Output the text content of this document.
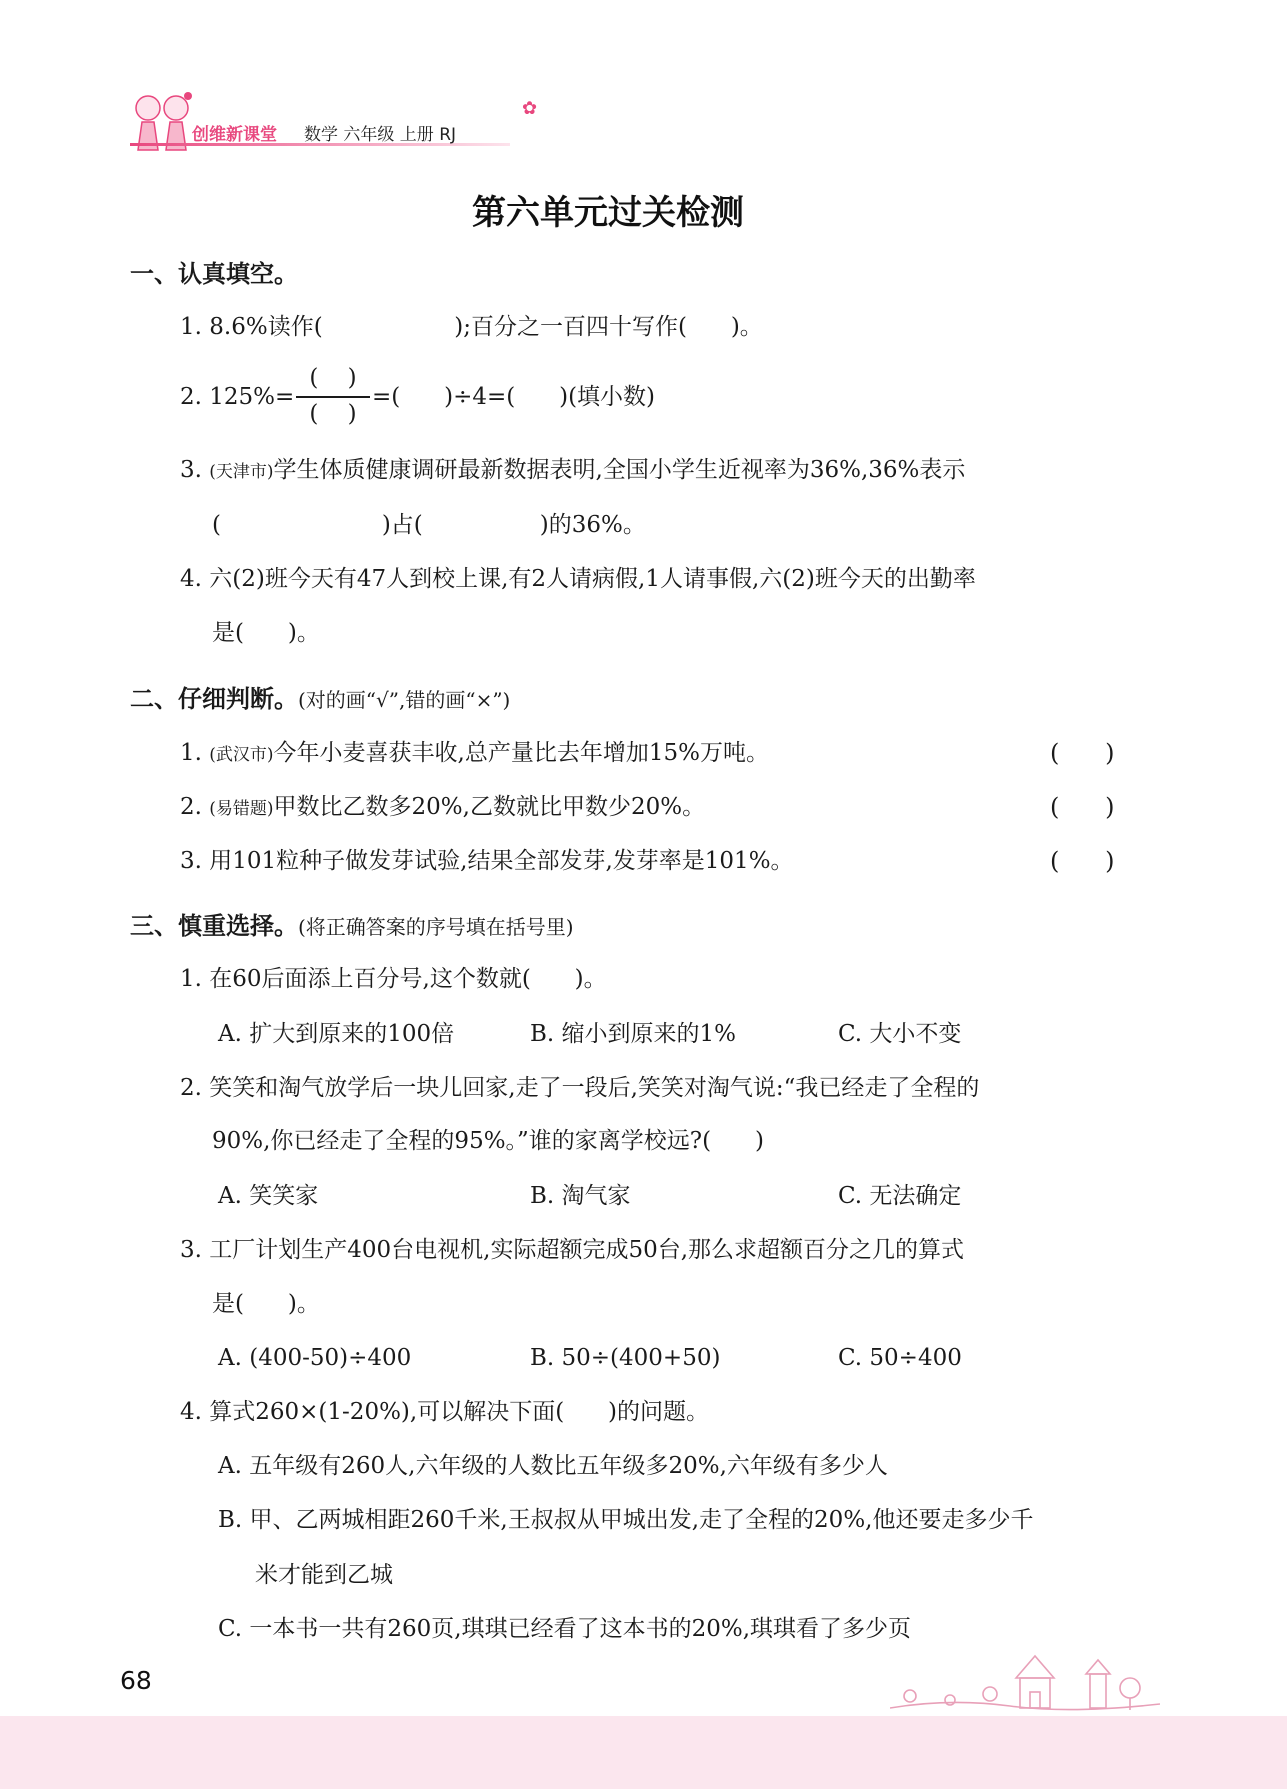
创维新课堂 数学 六年级 上册 RJ
✿
第六单元过关检测
一、认真填空。
1. 8.6%读作(                  );百分之一百四十写作(      )。
2. 125%=
(    )
(    )
=(      )÷4=(      )(填小数)
3. (天津市)学生体质健康调研最新数据表明,全国小学生近视率为36%,36%表示
(                      )占(                )的36%。
4. 六(2)班今天有47人到校上课,有2人请病假,1人请事假,六(2)班今天的出勤率
是(      )。
二、仔细判断。(对的画“√”,错的画“×”)
1. (武汉市)今年小麦喜获丰收,总产量比去年增加15%万吨。	(      )
2. (易错题)甲数比乙数多20%,乙数就比甲数少20%。	(      )
3. 用101粒种子做发芽试验,结果全部发芽,发芽率是101%。	(      )
三、慎重选择。(将正确答案的序号填在括号里)
1. 在60后面添上百分号,这个数就(      )。
A. 扩大到原来的100倍	B. 缩小到原来的1%	C. 大小不变
2. 笑笑和淘气放学后一块儿回家,走了一段后,笑笑对淘气说:“我已经走了全程的
90%,你已经走了全程的95%。”谁的家离学校远?(      )
A. 笑笑家	B. 淘气家	C. 无法确定
3. 工厂计划生产400台电视机,实际超额完成50台,那么求超额百分之几的算式
是(      )。
A. (400-50)÷400	B. 50÷(400+50)	C. 50÷400
4. 算式260×(1-20%),可以解决下面(      )的问题。
A. 五年级有260人,六年级的人数比五年级多20%,六年级有多少人
B. 甲、乙两城相距260千米,王叔叔从甲城出发,走了全程的20%,他还要走多少千
米才能到乙城
C. 一本书一共有260页,琪琪已经看了这本书的20%,琪琪看了多少页
68
